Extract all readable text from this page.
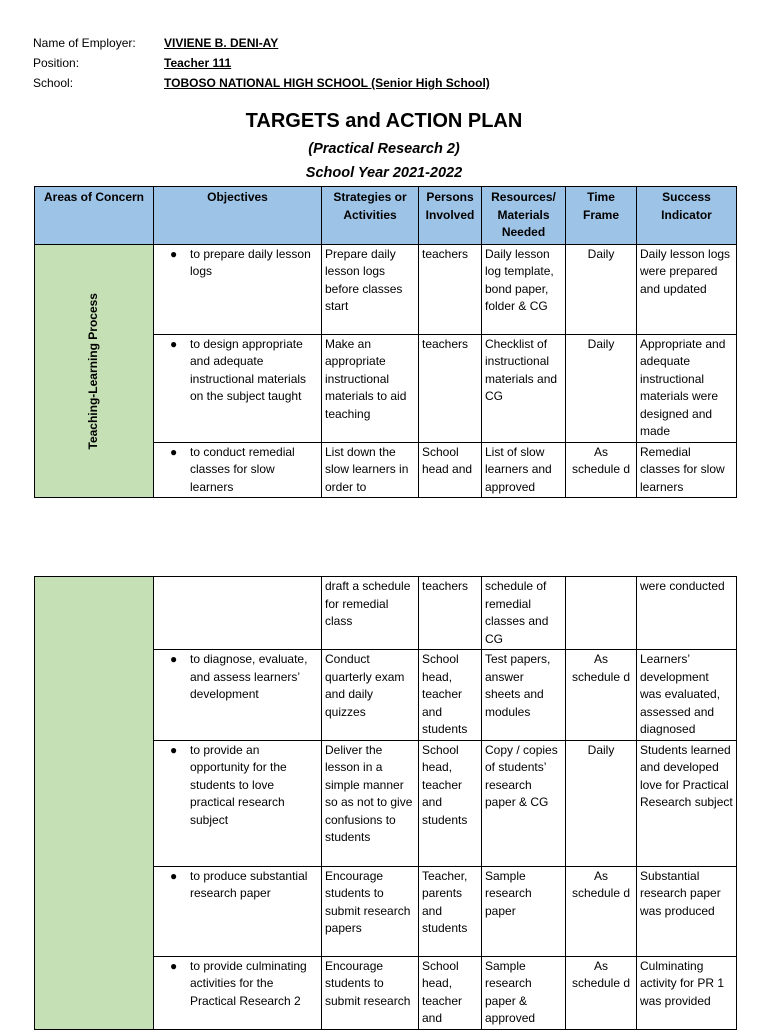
Name of Employer:	VIVIENE B. DENI-AY
Position:	Teacher 111
School:	TOBOSO NATIONAL HIGH SCHOOL (Senior High School)
TARGETS and ACTION PLAN
(Practical Research 2)
School Year 2021-2022
Areas of Concern	Objectives	Strategies or Activities	Persons Involved	Resources/ Materials Needed	Time Frame	Success Indicator

Teaching-Learning Process	● to prepare daily lesson logs	Prepare daily lesson logs before classes start	teachers	Daily lesson log template, bond paper, folder & CG	Daily	Daily lesson logs were prepared and updated

	● to design appropriate and adequate instructional materials on the subject taught	Make an appropriate instructional materials to aid teaching	teachers	Checklist of instructional materials and CG	Daily	Appropriate and adequate instructional materials were designed and made

	● to conduct remedial classes for slow learners	List down the slow learners in order to	School head and	List of slow learners and approved	As schedule d	Remedial classes for slow learners
		draft a schedule for remedial class	teachers	schedule of remedial classes and CG		were conducted

	● to diagnose, evaluate, and assess learners’ development	Conduct quarterly exam and daily quizzes	School head, teacher and students	Test papers, answer sheets and modules	As schedule d	Learners’ development was evaluated, assessed and diagnosed

	● to provide an opportunity for the students to love practical research subject	Deliver the lesson in a simple manner so as not to give confusions to students	School head, teacher and students	Copy / copies of students’ research paper & CG	Daily	Students learned and developed love for Practical Research subject

	● to produce substantial research paper	Encourage students to submit research papers	Teacher, parents and students	Sample research paper	As schedule d	Substantial research paper was produced

	● to provide culminating activities for the Practical Research 2	Encourage students to submit research	School head, teacher and	Sample research paper & approved	As schedule d	Culminating activity for PR 1 was provided
